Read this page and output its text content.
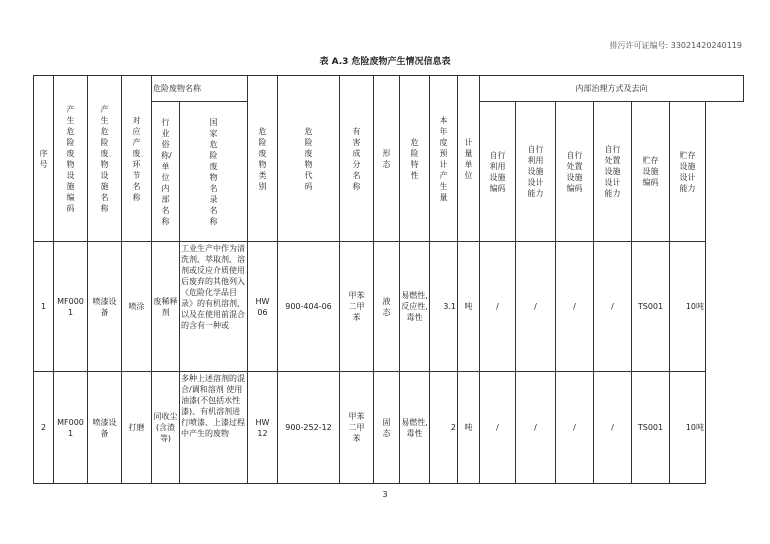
排污许可证编号: 33021420240119
表 A.3 危险废物产生情况信息表
序号	产生危险废物设施编码	产生危险废物设施名称	对应产废环节名称	危险废物名称		危险废物类别	危险废物代码	有害成分名称	形态	危险特性	本年度预计产生量	计量单位	内部治理方式及去向					

				行业俗称/单位内部名称	国家危险废物名录名称								自行利用设施编码	自行利用设施设计能力	自行处置设施编码	自行处置设施设计能力	贮存设施编码	贮存设施设计能力

1	MF0001	喷漆设备	喷涂	废稀释剂	工业生产中作为清洗剂、萃取剂、溶剂或反应介质使用后废弃的其他列入《危险化学品目录》的有机溶剂，以及在使用前混合的含有一种或	HW06	900-404-06	甲苯二甲苯	液态	易燃性,反应性,毒性	3.1	吨	/	/	/	/	TS001	10吨
2	MF0001	喷漆设备	打磨	同收尘(含渣等)	多种上述溶剂的混合/调和溶剂 使用油漆(不包括水性漆)、有机溶剂进行喷漆、上漆过程中产生的废物	HW12	900-252-12	甲苯二甲苯	固态	易燃性,毒性	2	吨	/	/	/	/	TS001	10吨
3
